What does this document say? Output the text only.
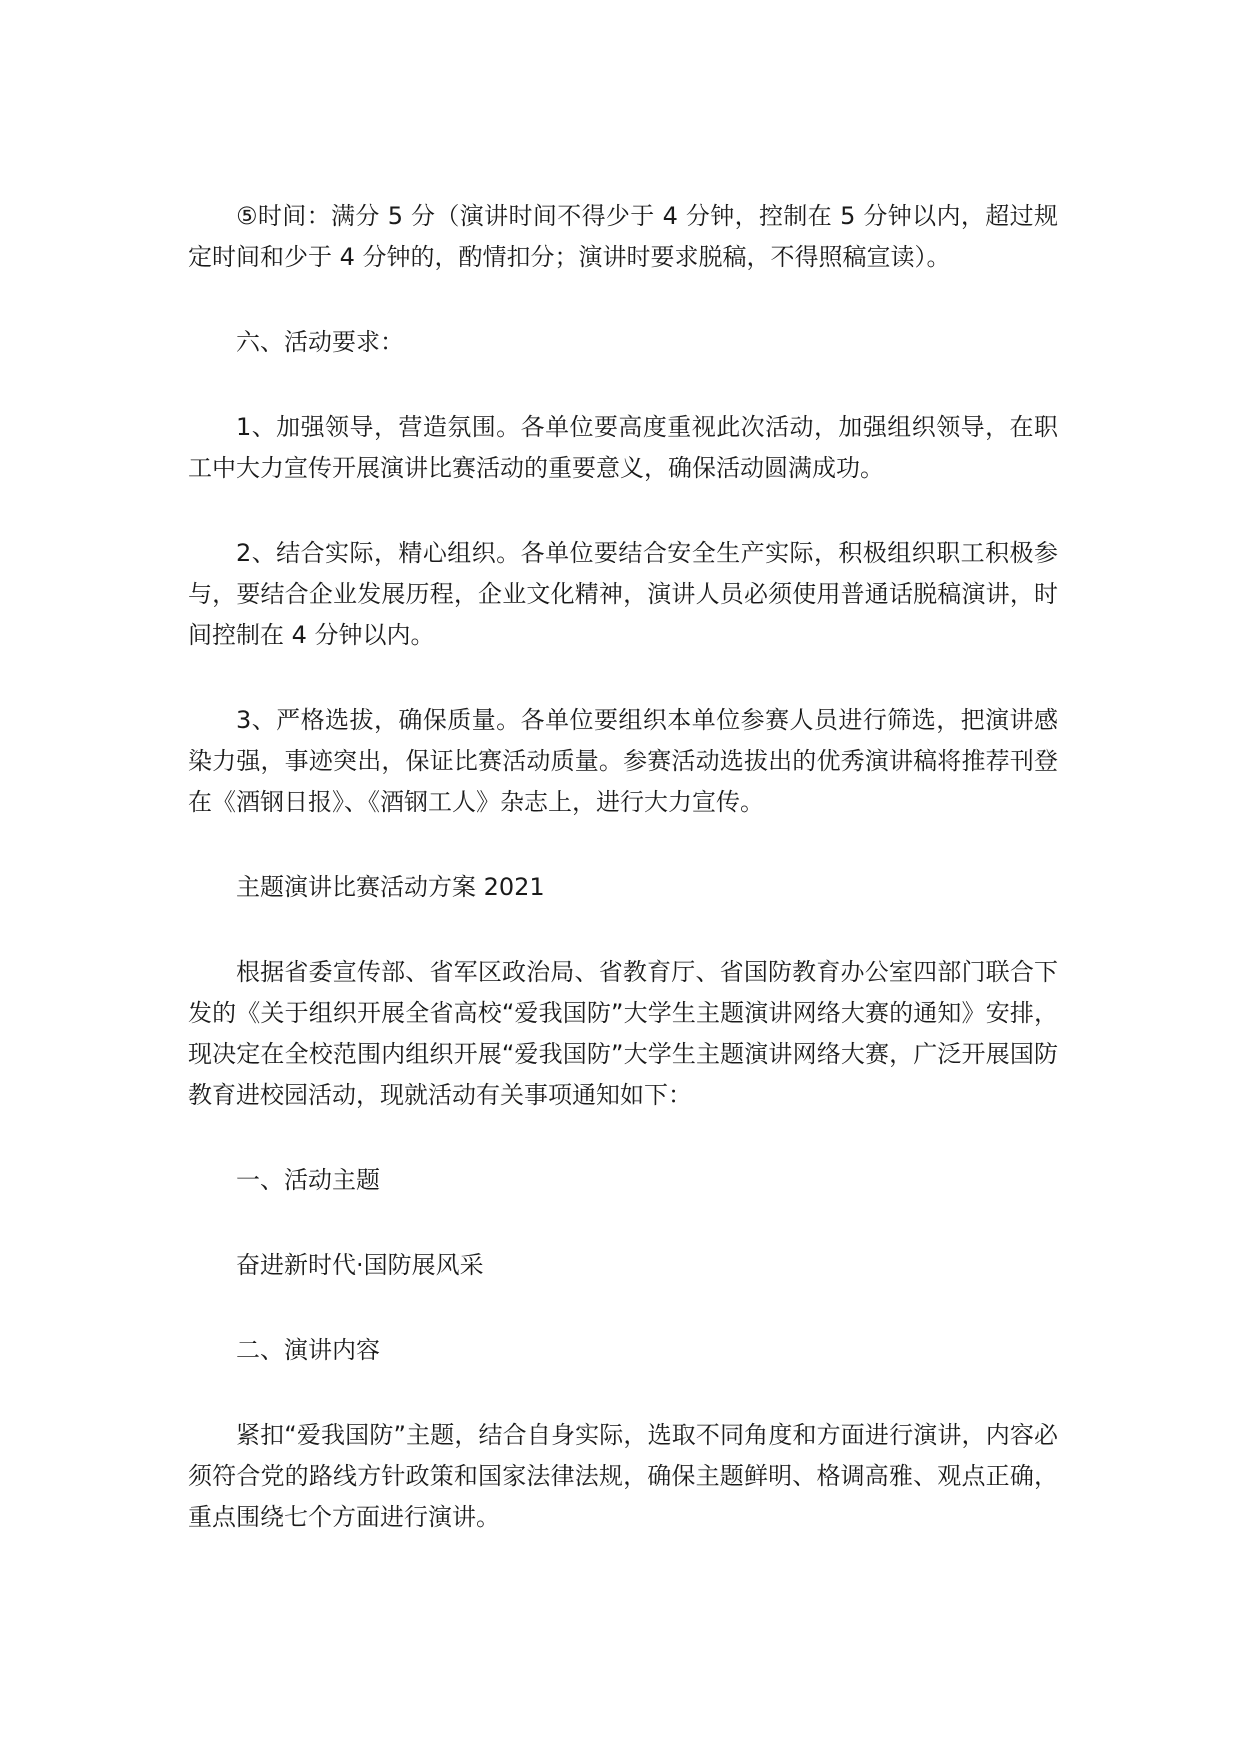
⑤时间：满分 5 分（演讲时间不得少于 4 分钟，控制在 5 分钟以内，超过规定时间和少于 4 分钟的，酌情扣分；演讲时要求脱稿，不得照稿宣读）。

六、活动要求：

1、加强领导，营造氛围。各单位要高度重视此次活动，加强组织领导，在职工中大力宣传开展演讲比赛活动的重要意义，确保活动圆满成功。

2、结合实际，精心组织。各单位要结合安全生产实际，积极组织职工积极参与，要结合企业发展历程，企业文化精神，演讲人员必须使用普通话脱稿演讲，时间控制在 4 分钟以内。

3、严格选拔，确保质量。各单位要组织本单位参赛人员进行筛选，把演讲感染力强，事迹突出，保证比赛活动质量。参赛活动选拔出的优秀演讲稿将推荐刊登在《酒钢日报》、《酒钢工人》杂志上，进行大力宣传。

主题演讲比赛活动方案 2021

根据省委宣传部、省军区政治局、省教育厅、省国防教育办公室四部门联合下发的《关于组织开展全省高校“爱我国防”大学生主题演讲网络大赛的通知》安排，现决定在全校范围内组织开展“爱我国防”大学生主题演讲网络大赛，广泛开展国防教育进校园活动，现就活动有关事项通知如下：

一、活动主题

奋进新时代·国防展风采

二、演讲内容

紧扣“爱我国防”主题，结合自身实际，选取不同角度和方面进行演讲，内容必须符合党的路线方针政策和国家法律法规，确保主题鲜明、格调高雅、观点正确，重点围绕七个方面进行演讲。
